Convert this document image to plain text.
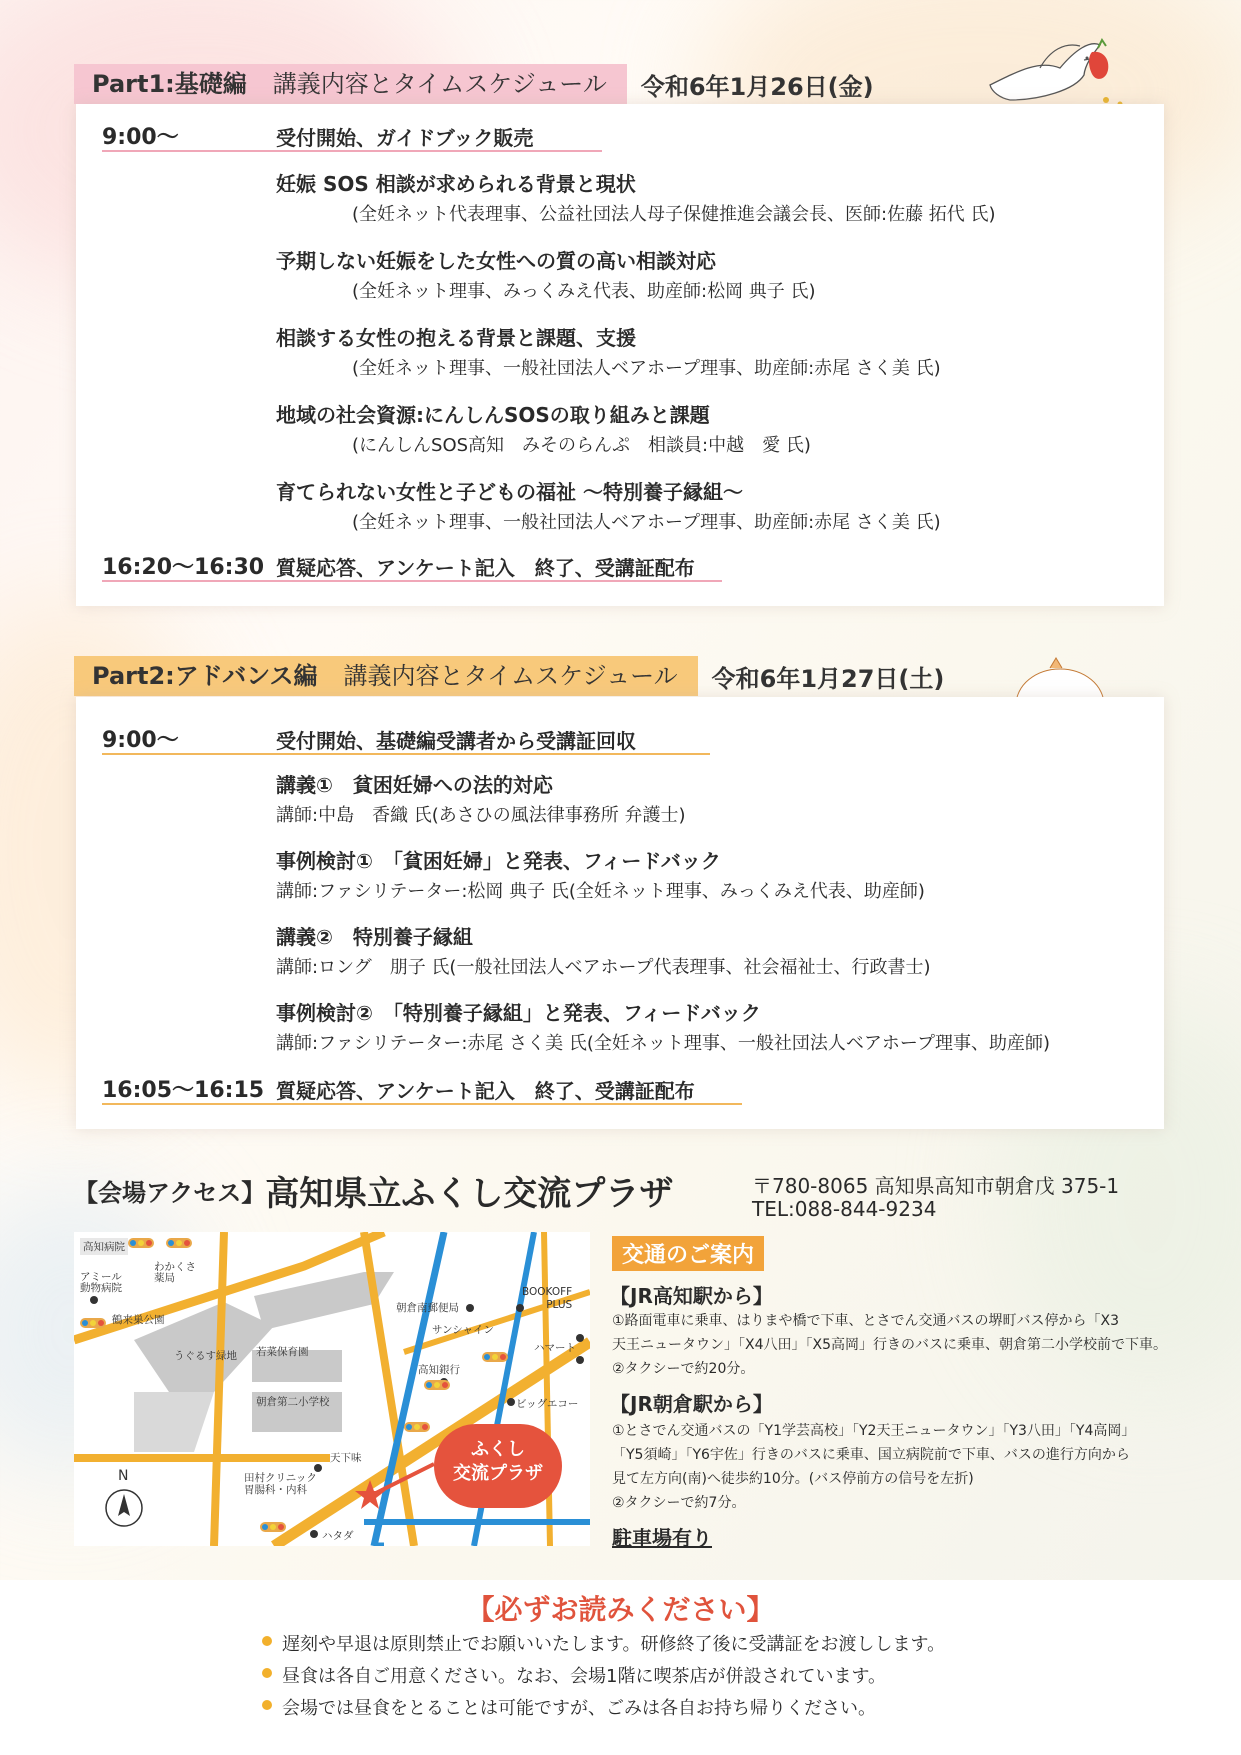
Part1:基礎編 講義内容とタイムスケジュール	令和6年1月26日(金)
9:00〜	受付開始、ガイドブック販売
妊娠 SOS 相談が求められる背景と現状
(全妊ネット代表理事、公益社団法人母子保健推進会議会長、医師:佐藤 拓代 氏)
予期しない妊娠をした女性への質の高い相談対応
(全妊ネット理事、みっくみえ代表、助産師:松岡 典子 氏)
相談する女性の抱える背景と課題、支援
(全妊ネット理事、一般社団法人ベアホープ理事、助産師:赤尾 さく美 氏)
地域の社会資源:にんしんSOSの取り組みと課題
(にんしんSOS高知　みそのらんぷ　相談員:中越　愛 氏)
育てられない女性と子どもの福祉 〜特別養子縁組〜
(全妊ネット理事、一般社団法人ベアホープ理事、助産師:赤尾 さく美 氏)
16:20〜16:30 質疑応答、アンケート記入　終了、受講証配布
Part2:アドバンス編 講義内容とタイムスケジュール	令和6年1月27日(土)
9:00〜	受付開始、基礎編受講者から受講証回収
講義①　貧困妊婦への法的対応
講師:中島　香織 氏(あさひの風法律事務所 弁護士)
事例検討①　「貧困妊婦」と発表、フィードバック
講師:ファシリテーター:松岡 典子 氏(全妊ネット理事、みっくみえ代表、助産師)
講義②　特別養子縁組
講師:ロング　朋子 氏(一般社団法人ベアホープ代表理事、社会福祉士、行政書士)
事例検討②　「特別養子縁組」と発表、フィードバック
講師:ファシリテーター:赤尾 さく美 氏(全妊ネット理事、一般社団法人ベアホープ理事、助産師)
16:05〜16:15 質疑応答、アンケート記入　終了、受講証配布
【会場アクセス】高知県立ふくし交流プラザ	〒780-8065 高知県高知市朝倉戊 375-1
TEL:088-844-9234
高知病院
アミール
動物病院
わかくさ
薬局
鶴来巣公園
うぐるす緑地 若菜保育園
朝倉第二小学校
朝倉南郵便局
BOOKOFF
PLUS
サンシャイン
ハマート
高知銀行
ビッグエコー
天下味
田村クリニック
胃腸科・内科
ハタダ
N
ふくし
交流プラザ
交通のご案内
【JR高知駅から】
①路面電車に乗車、はりまや橋で下車、とさでん交通バスの堺町バス停から「X3
天王ニュータウン」「X4八田」「X5高岡」行きのバスに乗車、朝倉第二小学校前で下車。
②タクシーで約20分。
【JR朝倉駅から】
①とさでん交通バスの「Y1学芸高校」「Y2天王ニュータウン」「Y3八田」「Y4高岡」
「Y5須崎」「Y6宇佐」行きのバスに乗車、国立病院前で下車、バスの進行方向から
見て左方向(南)へ徒歩約10分。(バス停前方の信号を左折)
②タクシーで約7分。
駐車場有り
【必ずお読みください】
遅刻や早退は原則禁止でお願いいたします。研修終了後に受講証をお渡しします。
昼食は各自ご用意ください。なお、会場1階に喫茶店が併設されています。
会場では昼食をとることは可能ですが、ごみは各自お持ち帰りください。
